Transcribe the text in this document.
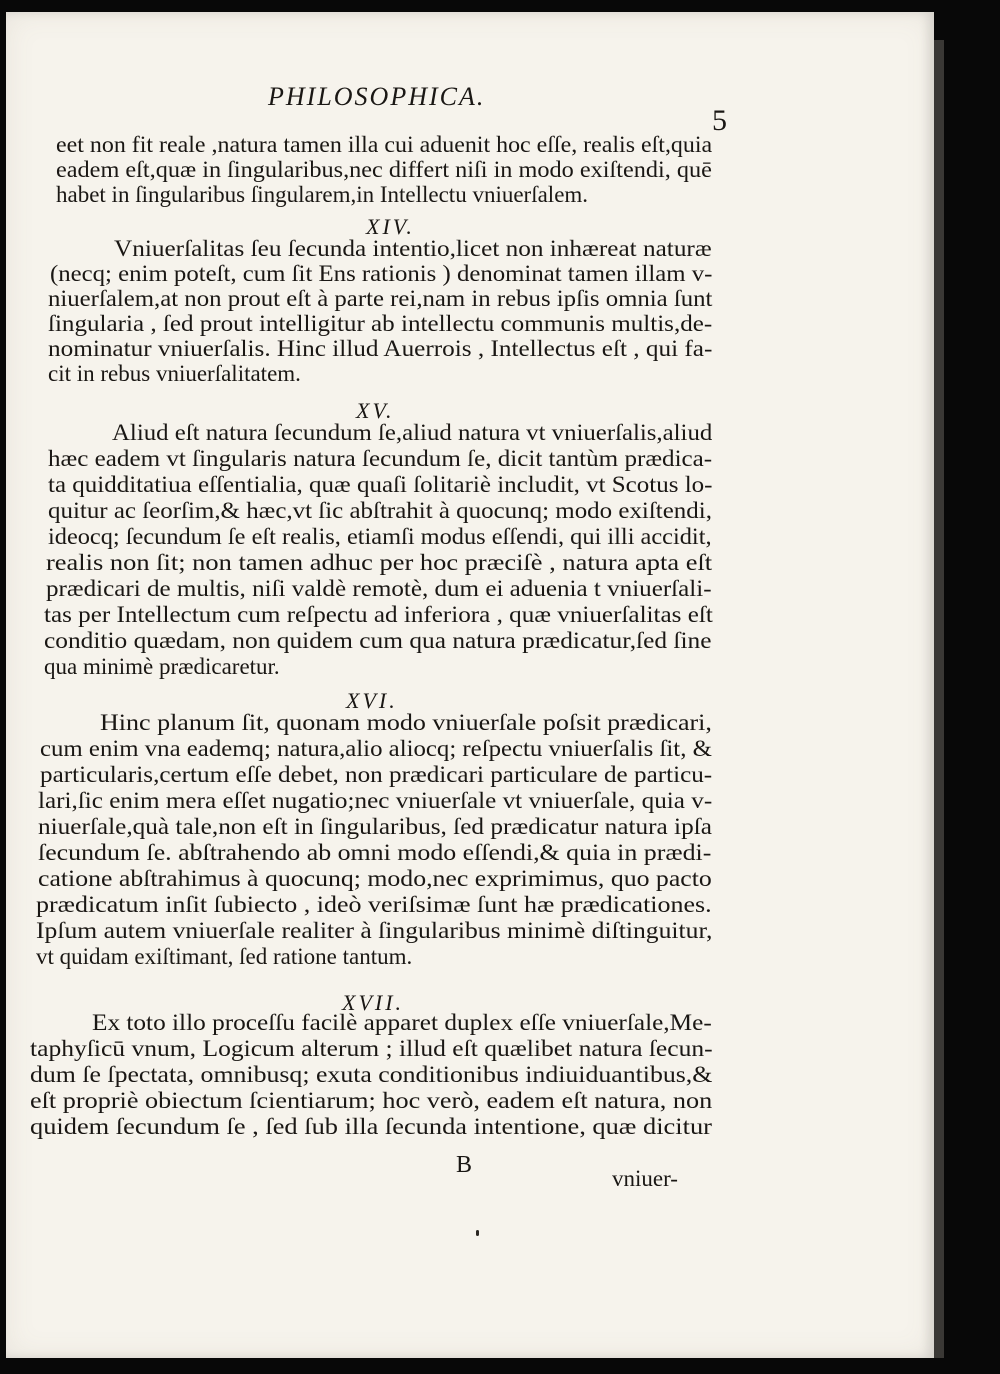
PHILOSOPHICA.
5
eet non fit reale ,natura tamen illa cui aduenit hoc eſſe, realis eſt,quia
eadem eſt,quæ in ſingularibus,nec differt niſi in modo exiſtendi, quē
habet in ſingularibus ſingularem,in Intellectu vniuerſalem.
XIV.
Vniuerſalitas ſeu ſecunda intentio,licet non inhæreat naturæ
(necq; enim poteſt, cum ſit Ens rationis ) denominat tamen illam v-
niuerſalem,at non prout eſt à parte rei,nam in rebus ipſis omnia ſunt
ſingularia , ſed prout intelligitur ab intellectu communis multis,de-
nominatur vniuerſalis. Hinc illud Auerrois , Intellectus eſt , qui fa-
cit in rebus vniuerſalitatem.
XV.
Aliud eſt natura ſecundum ſe,aliud natura vt vniuerſalis,aliud
hæc eadem vt ſingularis natura ſecundum ſe, dicit tantùm prædica-
ta quidditatiua eſſentialia, quæ quaſi ſolitariè includit, vt Scotus lo-
quitur ac ſeorſim,& hæc,vt ſic abſtrahit à quocunq; modo exiſtendi,
ideocq; ſecundum ſe eſt realis, etiamſi modus eſſendi, qui illi accidit,
realis non ſit; non tamen adhuc per hoc præciſè , natura apta eſt
prædicari de multis, niſi valdè remotè, dum ei aduenia t vniuerſali-
tas per Intellectum cum reſpectu ad inferiora , quæ vniuerſalitas eſt
conditio quædam, non quidem cum qua natura prædicatur,ſed ſine
qua minimè prædicaretur.
XVI.
Hinc planum ſit, quonam modo vniuerſale poſsit prædicari,
cum enim vna eademq; natura,alio aliocq; reſpectu vniuerſalis ſit, &
particularis,certum eſſe debet, non prædicari particulare de particu-
lari,ſic enim mera eſſet nugatio;nec vniuerſale vt vniuerſale, quia v-
niuerſale,quà tale,non eſt in ſingularibus, ſed prædicatur natura ipſa
ſecundum ſe. abſtrahendo ab omni modo eſſendi,& quia in prædi-
catione abſtrahimus à quocunq; modo,nec exprimimus, quo pacto
prædicatum inſit ſubiecto , ideò veriſsimæ ſunt hæ prædicationes.
Ipſum autem vniuerſale realiter à ſingularibus minimè diſtinguitur,
vt quidam exiſtimant, ſed ratione tantum.
XVII.
Ex toto illo proceſſu facilè apparet duplex eſſe vniuerſale,Me-
taphyſicū vnum, Logicum alterum ; illud eſt quælibet natura ſecun-
dum ſe ſpectata, omnibusq; exuta conditionibus indiuiduantibus,&
eſt propriè obiectum ſcientiarum; hoc verò, eadem eſt natura, non
quidem ſecundum ſe , ſed ſub illa ſecunda intentione, quæ dicitur
B
vniuer-
